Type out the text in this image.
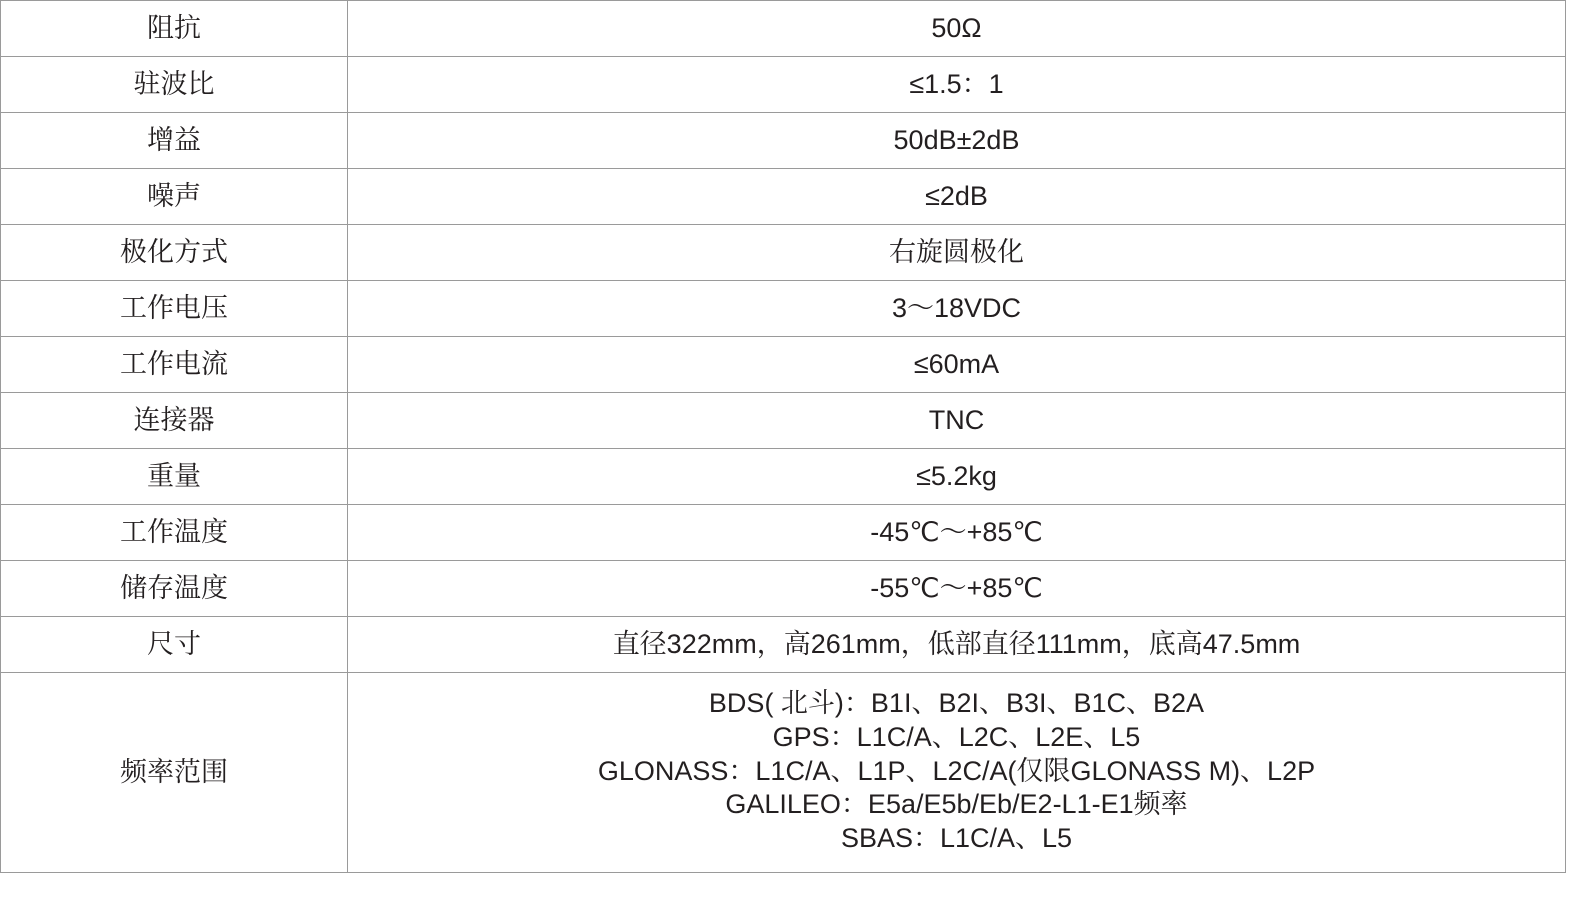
阻抗	50Ω
驻波比	≤1.5：1
增益	50dB±2dB
噪声	≤2dB
极化方式	右旋圆极化
工作电压	3～18VDC
工作电流	≤60mA
连接器	TNC
重量	≤5.2kg
工作温度	-45℃～+85℃
储存温度	-55℃～+85℃
尺寸	直径322mm，高261mm，低部直径111mm，底高47.5mm
频率范围	BDS( 北斗)：B1I、B2I、B3I、B1C、B2A
GPS：L1C/A、L2C、L2E、L5
GLONASS：L1C/A、L1P、L2C/A(仅限GLONASS M)、L2P
GALILEO：E5a/E5b/Eb/E2-L1-E1频率
SBAS：L1C/A、L5
